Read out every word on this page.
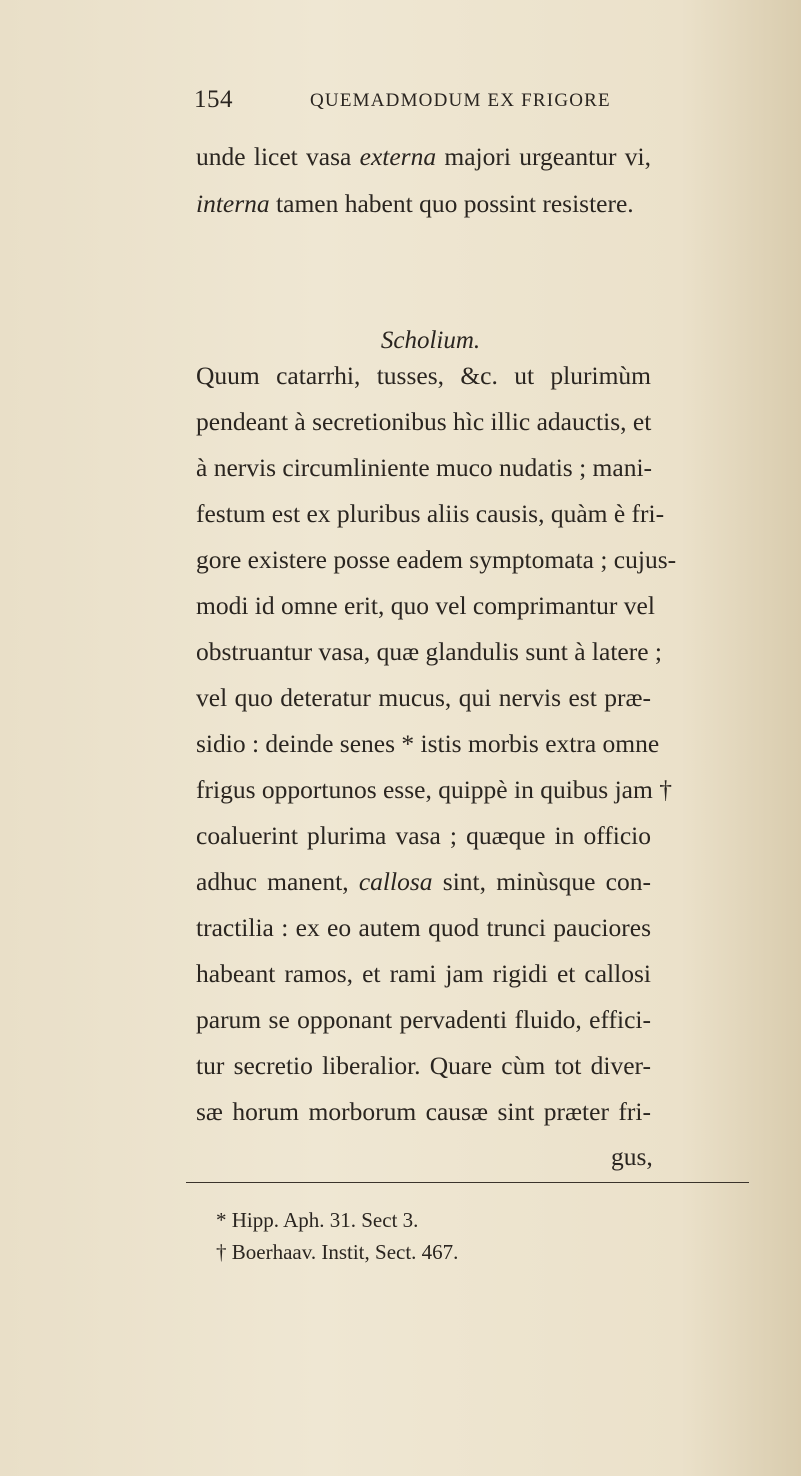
154	QUEMADMODUM EX FRIGORE
unde licet vasa externa majori urgeantur vi,
interna tamen habent quo possint resistere.
Scholium.
Quum catarrhi, tusses, &c. ut plurimùm
pendeant à secretionibus hìc illic adauctis, et
à nervis circumliniente muco nudatis ; mani-
festum est ex pluribus aliis causis, quàm è fri-
gore existere posse eadem symptomata ; cujus-
modi id omne erit, quo vel comprimantur vel
obstruantur vasa, quæ glandulis sunt à latere ;
vel quo deteratur mucus, qui nervis est præ-
sidio : deinde senes * istis morbis extra omne
frigus opportunos esse, quippè in quibus jam †
coaluerint plurima vasa ; quæque in officio
adhuc manent, callosa sint, minùsque con-
tractilia : ex eo autem quod trunci pauciores
habeant ramos, et rami jam rigidi et callosi
parum se opponant pervadenti fluido, effici-
tur secretio liberalior. Quare cùm tot diver-
sæ horum morborum causæ sint præter fri-
gus,
* Hipp. Aph. 31. Sect 3.
† Boerhaav. Instit, Sect. 467.
